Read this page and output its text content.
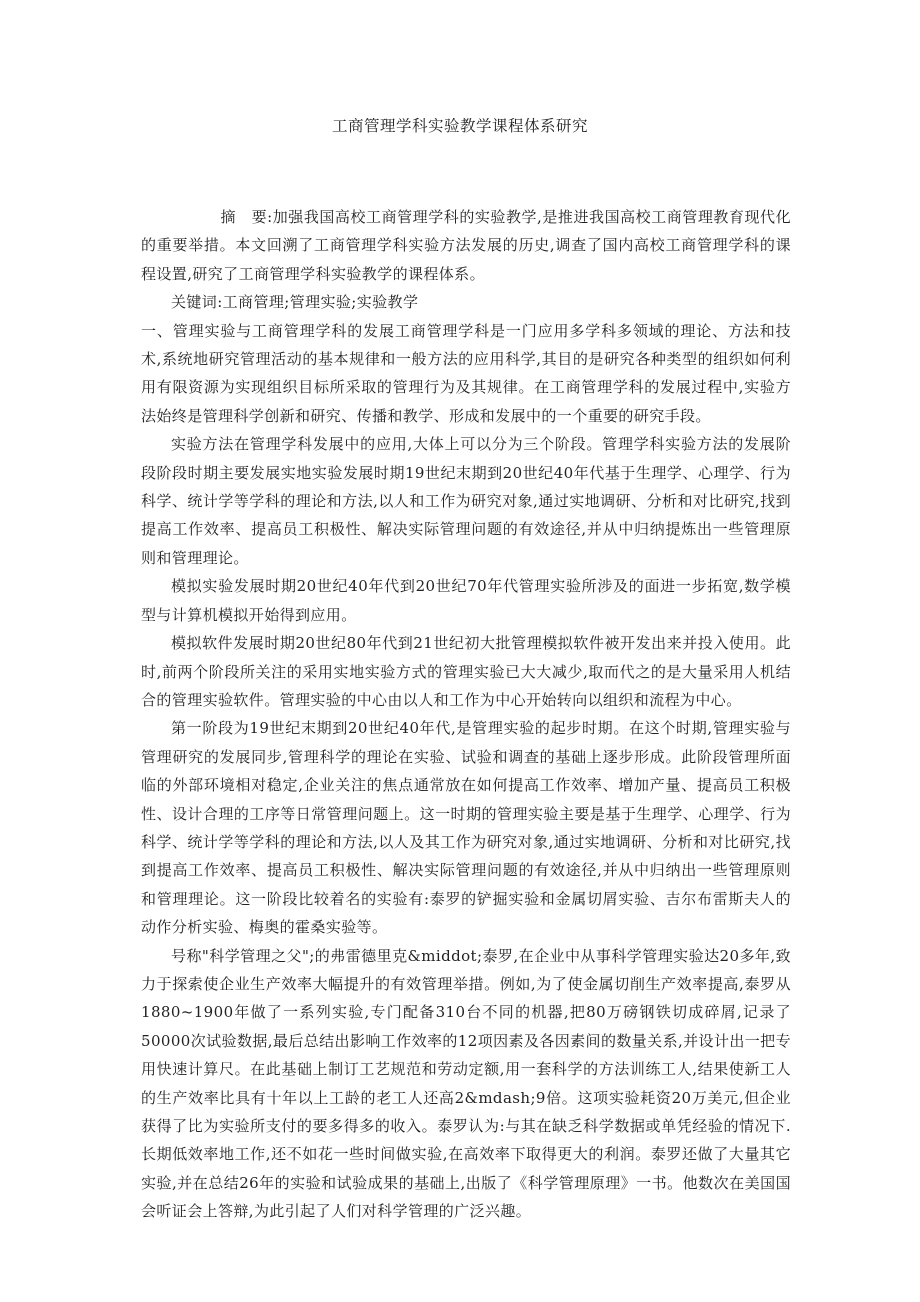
工商管理学科实验教学课程体系研究

摘　要:加强我国高校工商管理学科的实验教学,是推进我国高校工商管理教育现代化的重要举措。本文回溯了工商管理学科实验方法发展的历史,调查了国内高校工商管理学科的课程设置,研究了工商管理学科实验教学的课程体系。

关键词:工商管理;管理实验;实验教学

一、管理实验与工商管理学科的发展工商管理学科是一门应用多学科多领域的理论、方法和技术,系统地研究管理活动的基本规律和一般方法的应用科学,其目的是研究各种类型的组织如何利用有限资源为实现组织目标所采取的管理行为及其规律。在工商管理学科的发展过程中,实验方法始终是管理科学创新和研究、传播和教学、形成和发展中的一个重要的研究手段。

实验方法在管理学科发展中的应用,大体上可以分为三个阶段。管理学科实验方法的发展阶段阶段时期主要发展实地实验发展时期19世纪末期到20世纪40年代基于生理学、心理学、行为科学、统计学等学科的理论和方法,以人和工作为研究对象,通过实地调研、分析和对比研究,找到提高工作效率、提高员工积极性、解决实际管理问题的有效途径,并从中归纳提炼出一些管理原则和管理理论。

模拟实验发展时期20世纪40年代到20世纪70年代管理实验所涉及的面进一步拓宽,数学模型与计算机模拟开始得到应用。

模拟软件发展时期20世纪80年代到21世纪初大批管理模拟软件被开发出来并投入使用。此时,前两个阶段所关注的采用实地实验方式的管理实验已大大减少,取而代之的是大量采用人机结合的管理实验软件。管理实验的中心由以人和工作为中心开始转向以组织和流程为中心。

第一阶段为19世纪末期到20世纪40年代,是管理实验的起步时期。在这个时期,管理实验与管理研究的发展同步,管理科学的理论在实验、试验和调查的基础上逐步形成。此阶段管理所面临的外部环境相对稳定,企业关注的焦点通常放在如何提高工作效率、增加产量、提高员工积极性、设计合理的工序等日常管理问题上。这一时期的管理实验主要是基于生理学、心理学、行为科学、统计学等学科的理论和方法,以人及其工作为研究对象,通过实地调研、分析和对比研究,找到提高工作效率、提高员工积极性、解决实际管理问题的有效途径,并从中归纳出一些管理原则和管理理论。这一阶段比较着名的实验有:泰罗的铲掘实验和金属切屑实验、吉尔布雷斯夫人的动作分析实验、梅奥的霍桑实验等。

号称"科学管理之父";的弗雷德里克&middot;泰罗,在企业中从事科学管理实验达20多年,致力于探索使企业生产效率大幅提升的有效管理举措。例如,为了使金属切削生产效率提高,泰罗从1880~1900年做了一系列实验,专门配备310台不同的机器,把80万磅钢铁切成碎屑,记录了50000次试验数据,最后总结出影响工作效率的12项因素及各因素间的数量关系,并设计出一把专用快速计算尺。在此基础上制订工艺规范和劳动定额,用一套科学的方法训练工人,结果使新工人的生产效率比具有十年以上工龄的老工人还高2&mdash;9倍。这项实验耗资20万美元,但企业获得了比为实验所支付的要多得多的收入。泰罗认为:与其在缺乏科学数据或单凭经验的情况下.长期低效率地工作,还不如花一些时间做实验,在高效率下取得更大的利润。泰罗还做了大量其它实验,并在总结26年的实验和试验成果的基础上,出版了《科学管理原理》一书。他数次在美国国会听证会上答辩,为此引起了人们对科学管理的广泛兴趣。
